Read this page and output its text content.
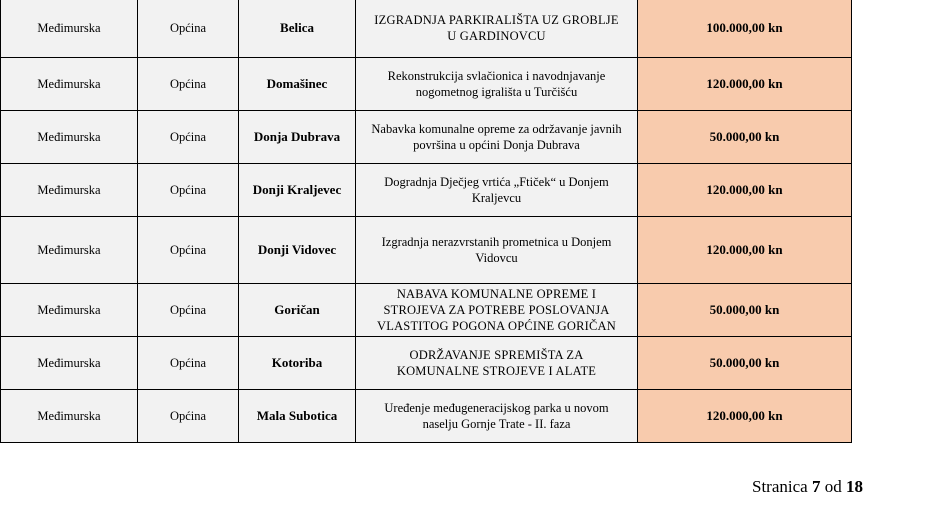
Međimurska	Općina	Belica	IZGRADNJA PARKIRALIŠTA UZ GROBLJE U GARDINOVCU	100.000,00 kn
Međimurska	Općina	Domašinec	Rekonstrukcija svlačionica i navodnjavanje nogometnog igrališta u Turčišću	120.000,00 kn
Međimurska	Općina	Donja Dubrava	Nabavka komunalne opreme za održavanje javnih površina u općini Donja Dubrava	50.000,00 kn
Međimurska	Općina	Donji Kraljevec	Dogradnja Dječjeg vrtića „Ftiček“ u Donjem Kraljevcu	120.000,00 kn
Međimurska	Općina	Donji Vidovec	Izgradnja nerazvrstanih prometnica u Donjem Vidovcu	120.000,00 kn
Međimurska	Općina	Goričan	NABAVA KOMUNALNE OPREME I STROJEVA ZA POTREBE POSLOVANJA VLASTITOG POGONA OPĆINE GORIČAN	50.000,00 kn
Međimurska	Općina	Kotoriba	ODRŽAVANJE SPREMIŠTA ZA KOMUNALNE STROJEVE I ALATE	50.000,00 kn
Međimurska	Općina	Mala Subotica	Uređenje međugeneracijskog parka u novom naselju Gornje Trate - II. faza	120.000,00 kn
Stranica 7 od 18
